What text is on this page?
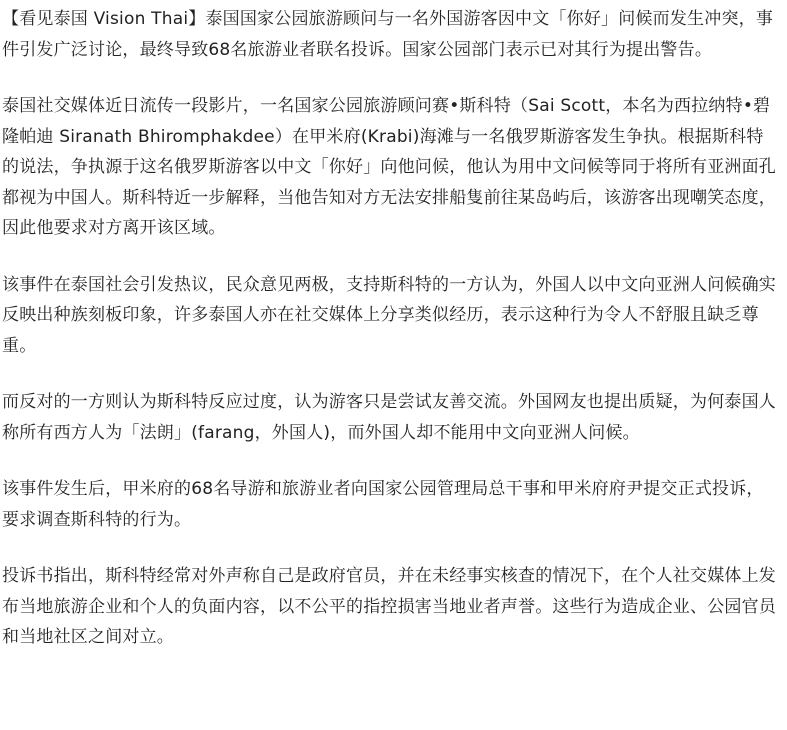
【看见泰国 Vision Thai】泰国国家公园旅游顾问与一名外国游客因中文「你好」问候而发生冲突，事件引发广泛讨论，最终导致68名旅游业者联名投诉。国家公园部门表示已对其行为提出警告。

泰国社交媒体近日流传一段影片，一名国家公园旅游顾问赛•斯科特（Sai Scott，本名为西拉纳特•碧隆帕迪 Siranath Bhiromphakdee）在甲米府(Krabi)海滩与一名俄罗斯游客发生争执。根据斯科特的说法，争执源于这名俄罗斯游客以中文「你好」向他问候，他认为用中文问候等同于将所有亚洲面孔都视为中国人。斯科特近一步解释，当他告知对方无法安排船隻前往某岛屿后，该游客出现嘲笑态度，因此他要求对方离开该区域。

该事件在泰国社会引发热议，民众意见两极，支持斯科特的一方认为，外国人以中文向亚洲人问候确实反映出种族刻板印象，许多泰国人亦在社交媒体上分享类似经历，表示这种行为令人不舒服且缺乏尊重。

而反对的一方则认为斯科特反应过度，认为游客只是尝试友善交流。外国网友也提出质疑，为何泰国人称所有西方人为「法朗」(farang，外国人)，而外国人却不能用中文向亚洲人问候。

该事件发生后，甲米府的68名导游和旅游业者向国家公园管理局总干事和甲米府府尹提交正式投诉，要求调查斯科特的行为。

投诉书指出，斯科特经常对外声称自己是政府官员，并在未经事实核查的情况下，在个人社交媒体上发布当地旅游企业和个人的负面内容，以不公平的指控损害当地业者声誉。这些行为造成企业、公园官员和当地社区之间对立。
